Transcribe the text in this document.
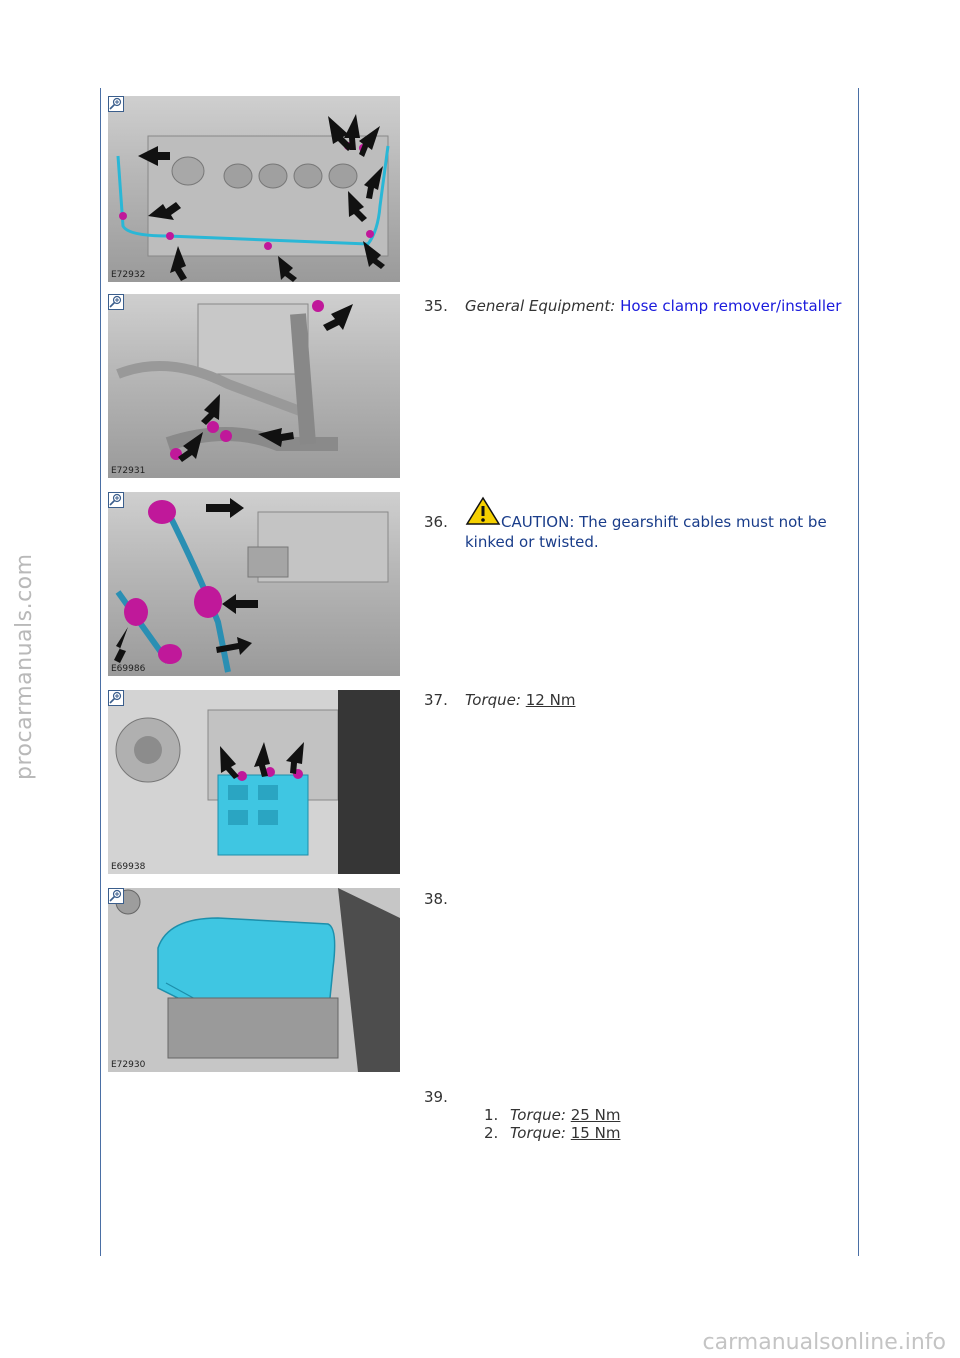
E72932
E72931
E69986
E69938
E72930
35. General Equipment: Hose clamp remover/installer
36.	CAUTION: The gearshift cables must not be kinked or twisted.
37. Torque: 12 Nm
38.
39.
1. Torque: 25 Nm
2. Torque: 15 Nm
procarmanuals.com
carmanualsonline.info
